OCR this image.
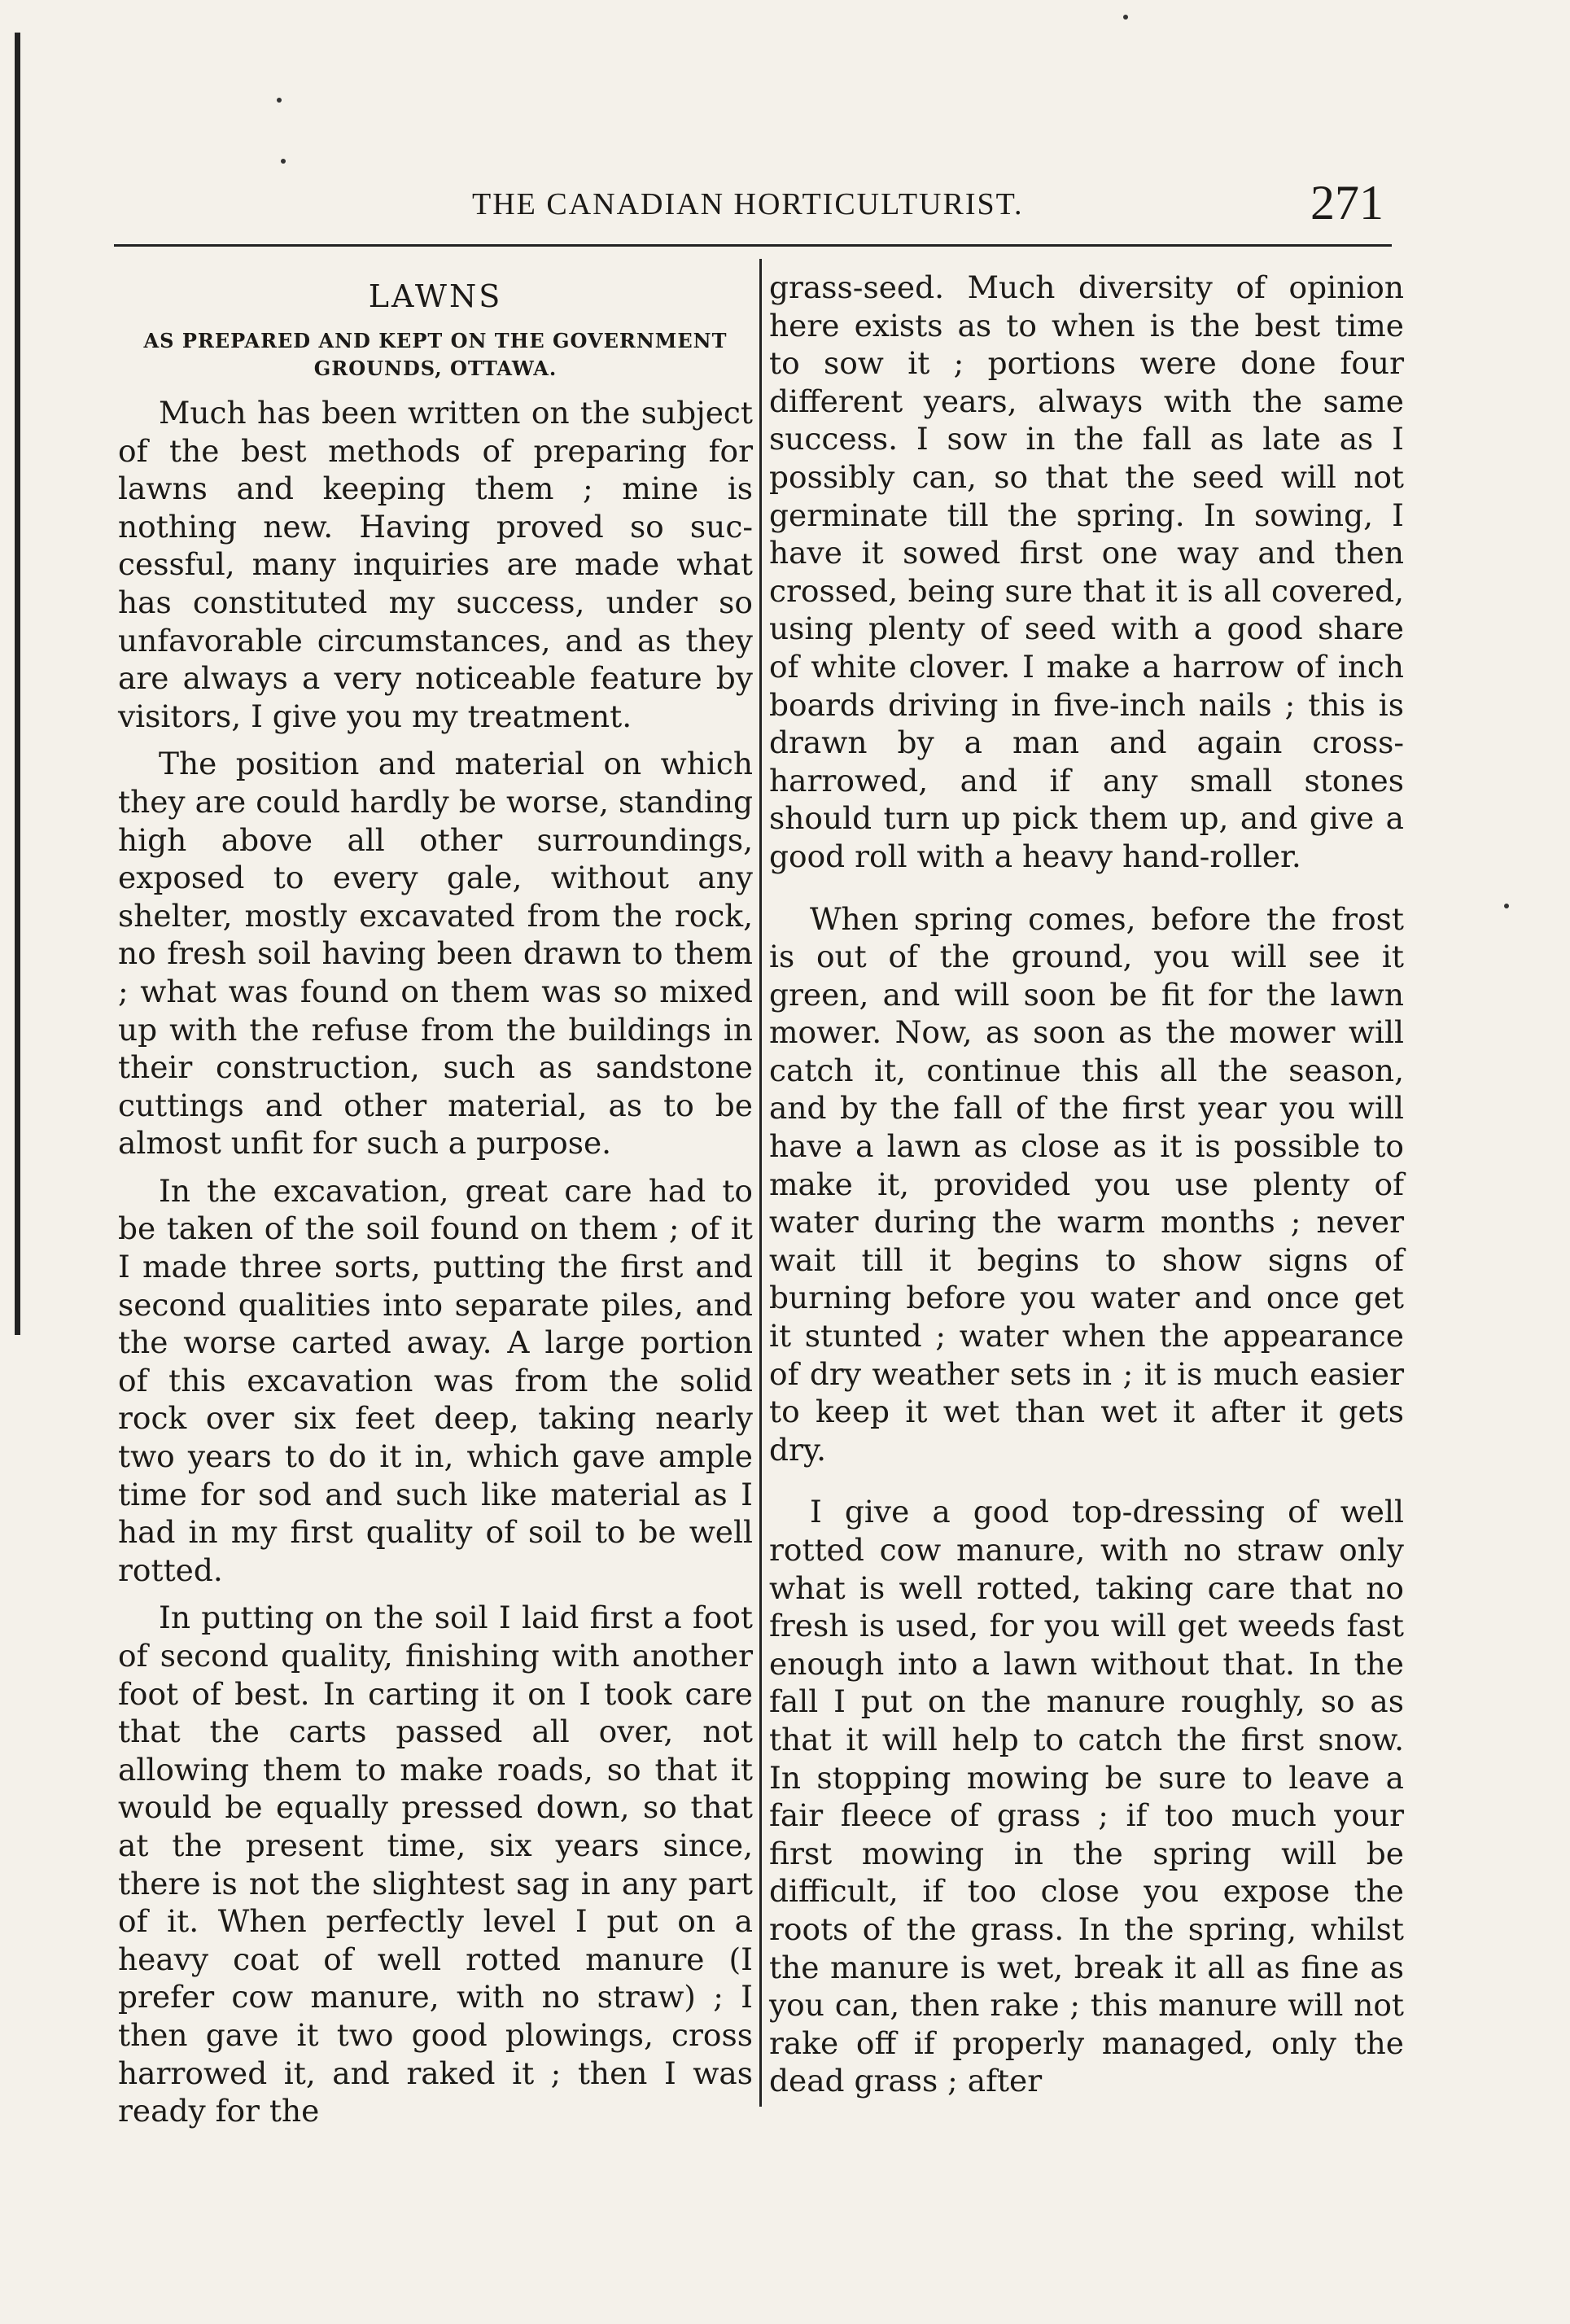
THE CANADIAN HORTICULTURIST.	271
LAWNS
AS PREPARED AND KEPT ON THE GOVERNMENT GROUNDS, OTTAWA.

Much has been written on the subject of the best methods of preparing for lawns and keeping them ; mine is nothing new. Having proved so successful, many inquiries are made what has constituted my success, under so unfavorable circumstances, and as they are always a very noticeable feature by visitors, I give you my treatment.

The position and material on which they are could hardly be worse, standing high above all other surroundings, exposed to every gale, without any shelter, mostly excavated from the rock, no fresh soil having been drawn to them ; what was found on them was so mixed up with the refuse from the buildings in their construction, such as sandstone cuttings and other material, as to be almost unfit for such a purpose.

In the excavation, great care had to be taken of the soil found on them ; of it I made three sorts, putting the first and second qualities into separate piles, and the worse carted away. A large portion of this excavation was from the solid rock over six feet deep, taking nearly two years to do it in, which gave ample time for sod and such like material as I had in my first quality of soil to be well rotted.

In putting on the soil I laid first a foot of second quality, finishing with another foot of best. In carting it on I took care that the carts passed all over, not allowing them to make roads, so that it would be equally pressed down, so that at the present time, six years since, there is not the slightest sag in any part of it. When perfectly level I put on a heavy coat of well rotted manure (I prefer cow manure, with no straw) ; I then gave it two good plowings, cross harrowed it, and raked it ; then I was ready for the

grass-seed. Much diversity of opinion here exists as to when is the best time to sow it ; portions were done four different years, always with the same success. I sow in the fall as late as I possibly can, so that the seed will not germinate till the spring. In sowing, I have it sowed first one way and then crossed, being sure that it is all covered, using plenty of seed with a good share of white clover. I make a harrow of inch boards driving in five-inch nails ; this is drawn by a man and again cross-harrowed, and if any small stones should turn up pick them up, and give a good roll with a heavy hand-roller.

When spring comes, before the frost is out of the ground, you will see it green, and will soon be fit for the lawn mower. Now, as soon as the mower will catch it, continue this all the season, and by the fall of the first year you will have a lawn as close as it is possible to make it, provided you use plenty of water during the warm months ; never wait till it begins to show signs of burning before you water and once get it stunted ; water when the appearance of dry weather sets in ; it is much easier to keep it wet than wet it after it gets dry.

I give a good top-dressing of well rotted cow manure, with no straw only what is well rotted, taking care that no fresh is used, for you will get weeds fast enough into a lawn without that. In the fall I put on the manure roughly, so as that it will help to catch the first snow. In stopping mowing be sure to leave a fair fleece of grass ; if too much your first mowing in the spring will be difficult, if too close you expose the roots of the grass. In the spring, whilst the manure is wet, break it all as fine as you can, then rake ; this manure will not rake off if properly managed, only the dead grass ; after
